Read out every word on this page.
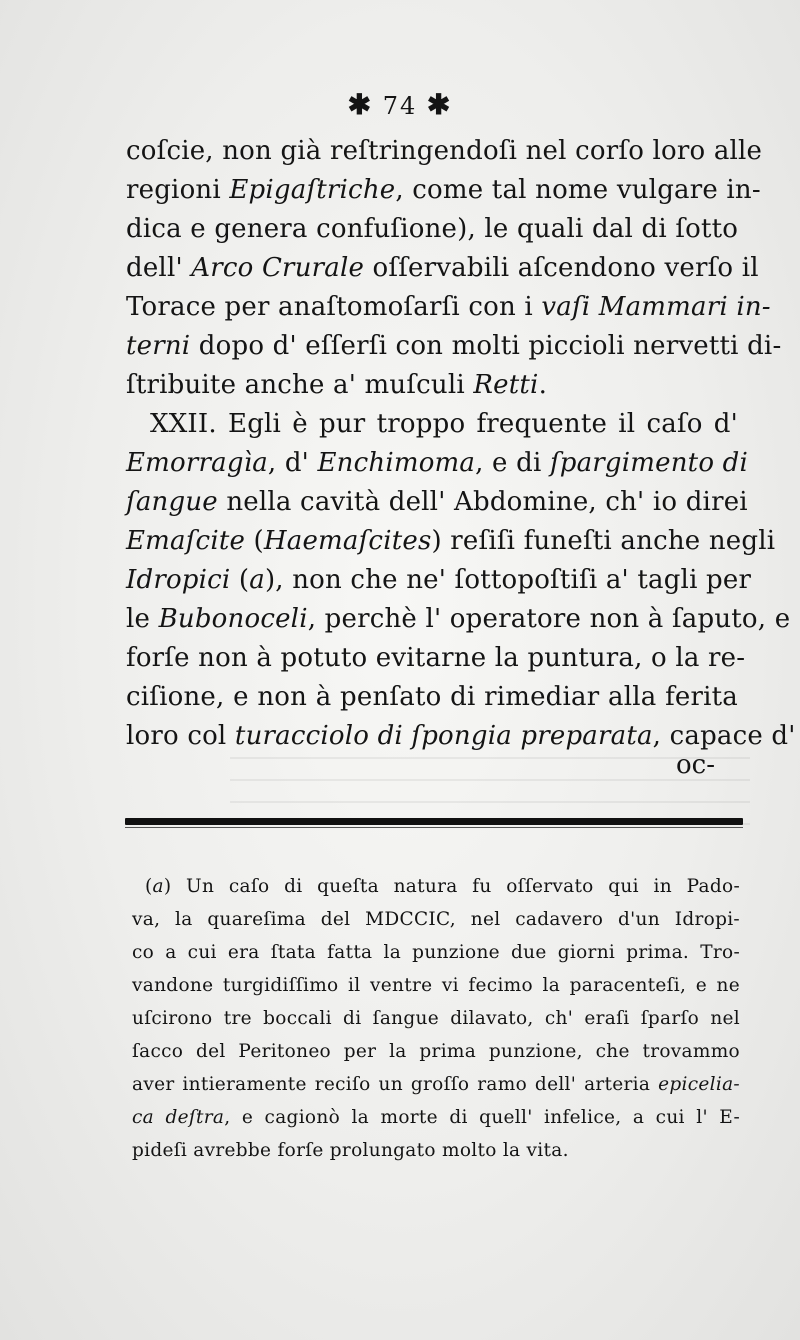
✱ 74 ✱
coſcie, non già reſtringendoſi nel corſo loro alle
regioni Epigaſtriche, come tal nome vulgare in-
dica e genera confuſione), le quali dal di ſotto
dell' Arco Crurale oſſervabili aſcendono verſo il
Torace per anaſtomoſarſi con i vaſi Mammari in-
terni dopo d' eſſerſi con molti piccioli nervetti di-
ſtribuite anche a' muſculi Retti.
XXII. Egli è pur troppo frequente il caſo d'
Emorragìa, d' Enchimoma, e di ſpargimento di
ſangue nella cavità dell' Abdomine, ch' io direi
Emaſcite (Haemaſcites) reſiſi funeſti anche negli
Idropici (a), non che ne' ſottopoſtiſi a' tagli per
le Bubonoceli, perchè l' operatore non à ſaputo, e
forſe non à potuto evitarne la puntura, o la re-
ciſione, e non à penſato di rimediar alla ferita
loro col turacciolo di ſpongia preparata, capace d'
oc-
(a) Un caſo di queſta natura fu oſſervato qui in Pado-
va, la quareſima del MDCCIC, nel cadavero d'un Idropi-
co a cui era ſtata fatta la punzione due giorni prima. Tro-
vandone turgidiſſimo il ventre vi fecimo la paracenteſi, e ne
uſcirono tre boccali di ſangue dilavato, ch' eraſi ſparſo nel
ſacco del Peritoneo per la prima punzione, che trovammo
aver intieramente reciſo un groſſo ramo dell' arteria epicelia-
ca deſtra, e cagionò la morte di quell' infelice, a cui l' E-
pideſi avrebbe forſe prolungato molto la vita.
